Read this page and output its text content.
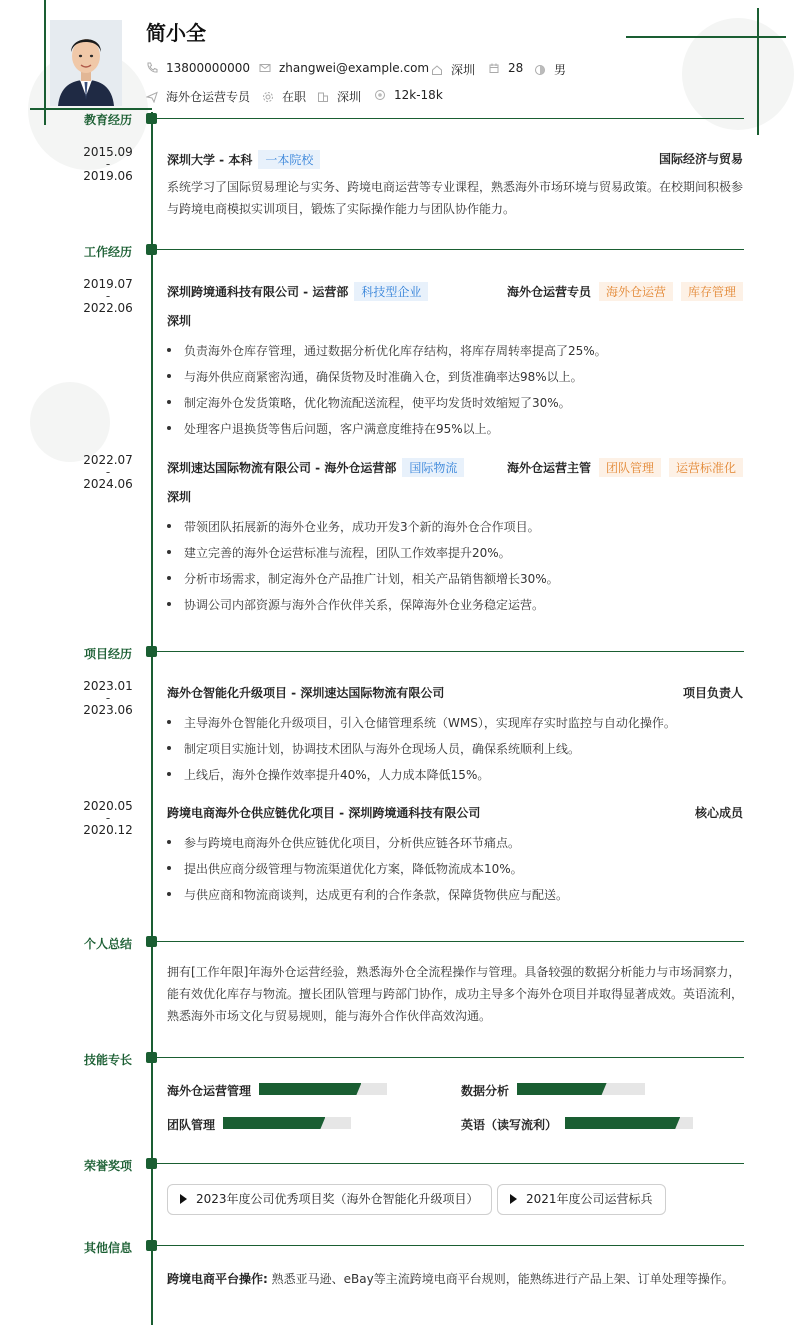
简小全
13800000000 zhangwei@example.com 深圳	28	男
海外仓运营专员	在职	深圳	12k-18k
教育经历
2015.09
-
2019.06
深圳大学 - 本科 一本院校	国际经济与贸易
系统学习了国际贸易理论与实务、跨境电商运营等专业课程，熟悉海外市场环境与贸易政策。在校期间积极参与跨境电商模拟实训项目，锻炼了实际操作能力与团队协作能力。
工作经历
2019.07
-
2022.06
深圳跨境通科技有限公司 - 运营部 科技型企业	海外仓运营专员 海外仓运营 库存管理
深圳
负责海外仓库存管理，通过数据分析优化库存结构，将库存周转率提高了25%。
与海外供应商紧密沟通，确保货物及时准确入仓，到货准确率达98%以上。
制定海外仓发货策略，优化物流配送流程，使平均发货时效缩短了30%。
处理客户退换货等售后问题，客户满意度维持在95%以上。
2022.07
-
2024.06
深圳速达国际物流有限公司 - 海外仓运营部 国际物流	海外仓运营主管 团队管理 运营标准化
深圳
带领团队拓展新的海外仓业务，成功开发3个新的海外仓合作项目。
建立完善的海外仓运营标准与流程，团队工作效率提升20%。
分析市场需求，制定海外仓产品推广计划，相关产品销售额增长30%。
协调公司内部资源与海外合作伙伴关系，保障海外仓业务稳定运营。
项目经历
2023.01
-
2023.06
海外仓智能化升级项目 - 深圳速达国际物流有限公司	项目负责人
主导海外仓智能化升级项目，引入仓储管理系统（WMS），实现库存实时监控与自动化操作。
制定项目实施计划，协调技术团队与海外仓现场人员，确保系统顺利上线。
上线后，海外仓操作效率提升40%，人力成本降低15%。
2020.05
-
2020.12
跨境电商海外仓供应链优化项目 - 深圳跨境通科技有限公司	核心成员
参与跨境电商海外仓供应链优化项目，分析供应链各环节痛点。
提出供应商分级管理与物流渠道优化方案，降低物流成本10%。
与供应商和物流商谈判，达成更有利的合作条款，保障货物供应与配送。
个人总结
拥有[工作年限]年海外仓运营经验，熟悉海外仓全流程操作与管理。具备较强的数据分析能力与市场洞察力，能有效优化库存与物流。擅长团队管理与跨部门协作，成功主导多个海外仓项目并取得显著成效。英语流利，熟悉海外市场文化与贸易规则，能与海外合作伙伴高效沟通。
技能专长
海外仓运营管理	数据分析
团队管理	英语（读写流利）
荣誉奖项
2023年度公司优秀项目奖（海外仓智能化升级项目）	2021年度公司运营标兵
其他信息
跨境电商平台操作: 熟悉亚马逊、eBay等主流跨境电商平台规则，能熟练进行产品上架、订单处理等操作。
